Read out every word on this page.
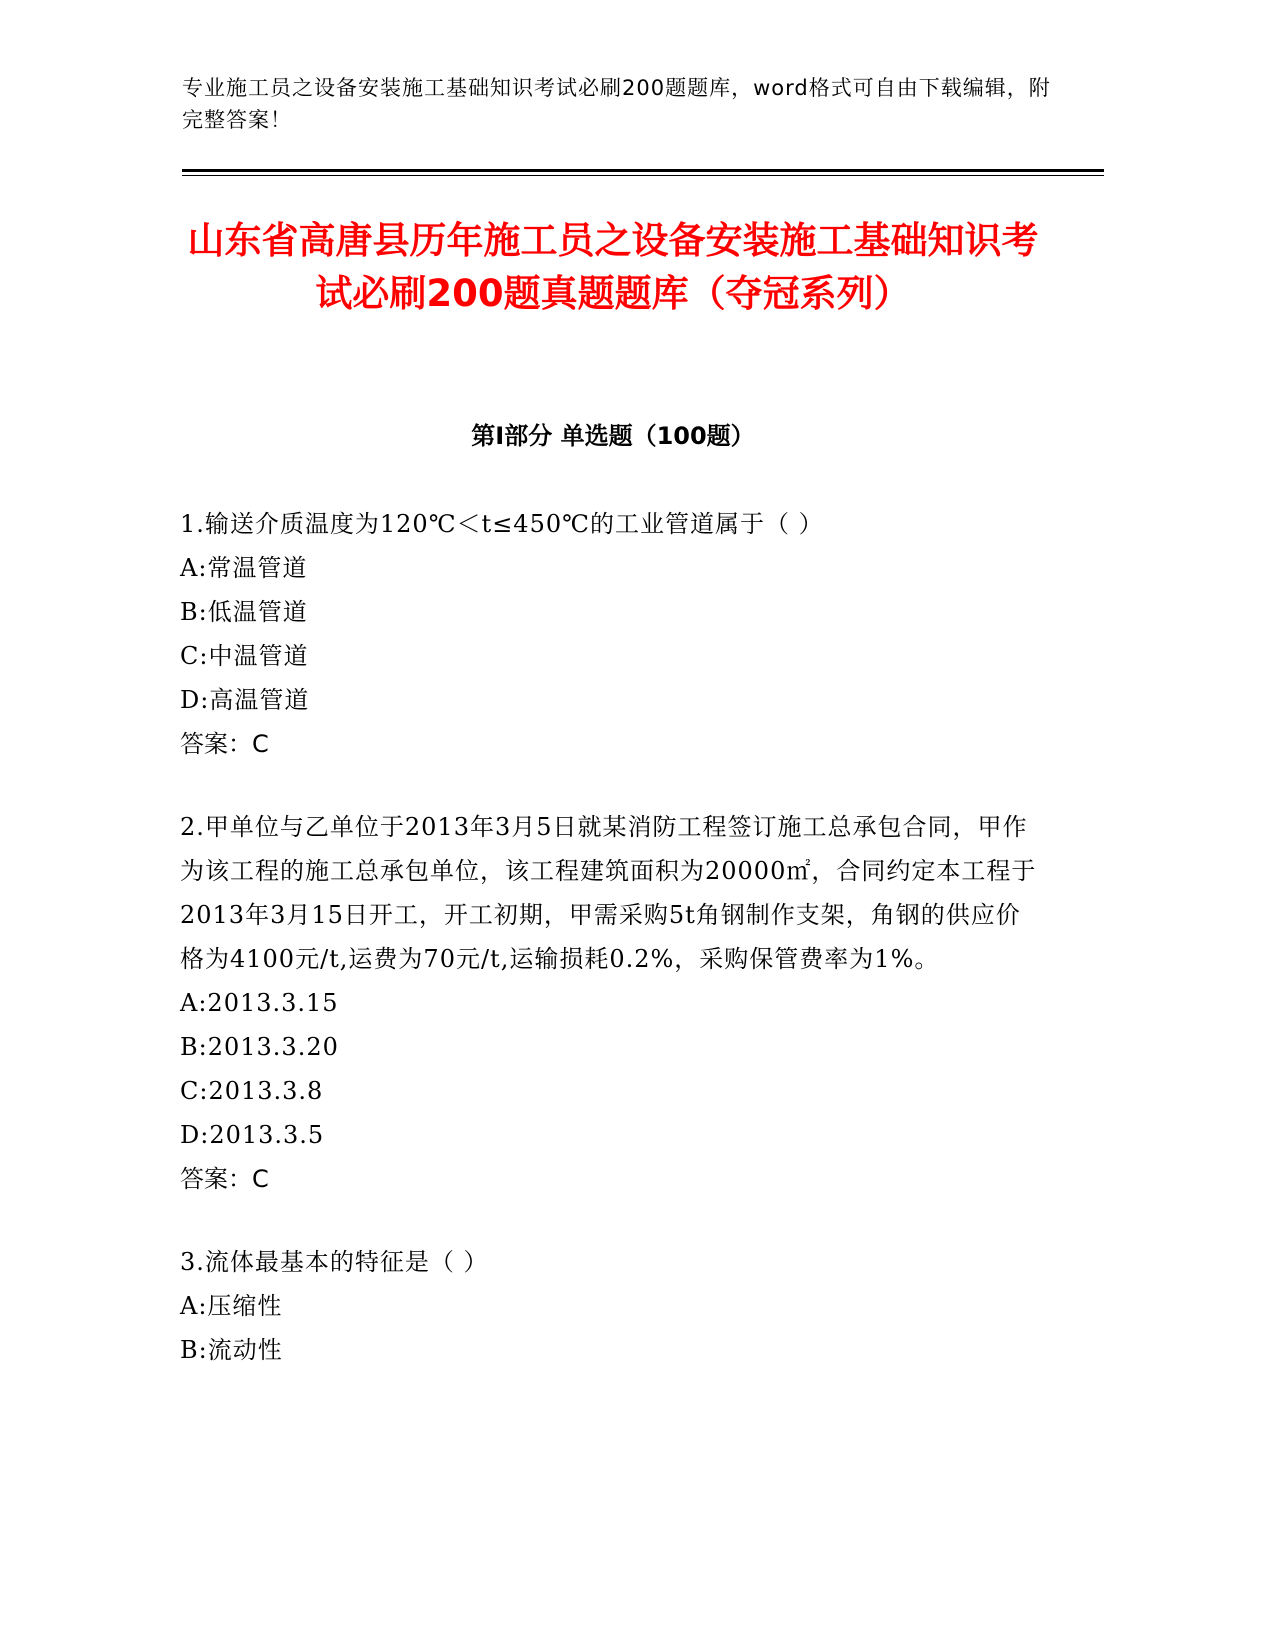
专业施工员之设备安装施工基础知识考试必刷200题题库，word格式可自由下载编辑，附完整答案！
山东省高唐县历年施工员之设备安装施工基础知识考试必刷200题真题题库（夺冠系列）
第Ⅰ部分 单选题（100题）
1.输送介质温度为120℃＜t≤450℃的工业管道属于（ ）
A:常温管道
B:低温管道
C:中温管道
D:高温管道
答案：C
2.甲单位与乙单位于2013年3月5日就某消防工程签订施工总承包合同，甲作为该工程的施工总承包单位，该工程建筑面积为20000㎡，合同约定本工程于2013年3月15日开工，开工初期，甲需采购5t角钢制作支架，角钢的供应价格为4100元/t,运费为70元/t,运输损耗0.2%，采购保管费率为1%。
A:2013.3.15
B:2013.3.20
C:2013.3.8
D:2013.3.5
答案：C
3.流体最基本的特征是（ ）
A:压缩性
B:流动性
